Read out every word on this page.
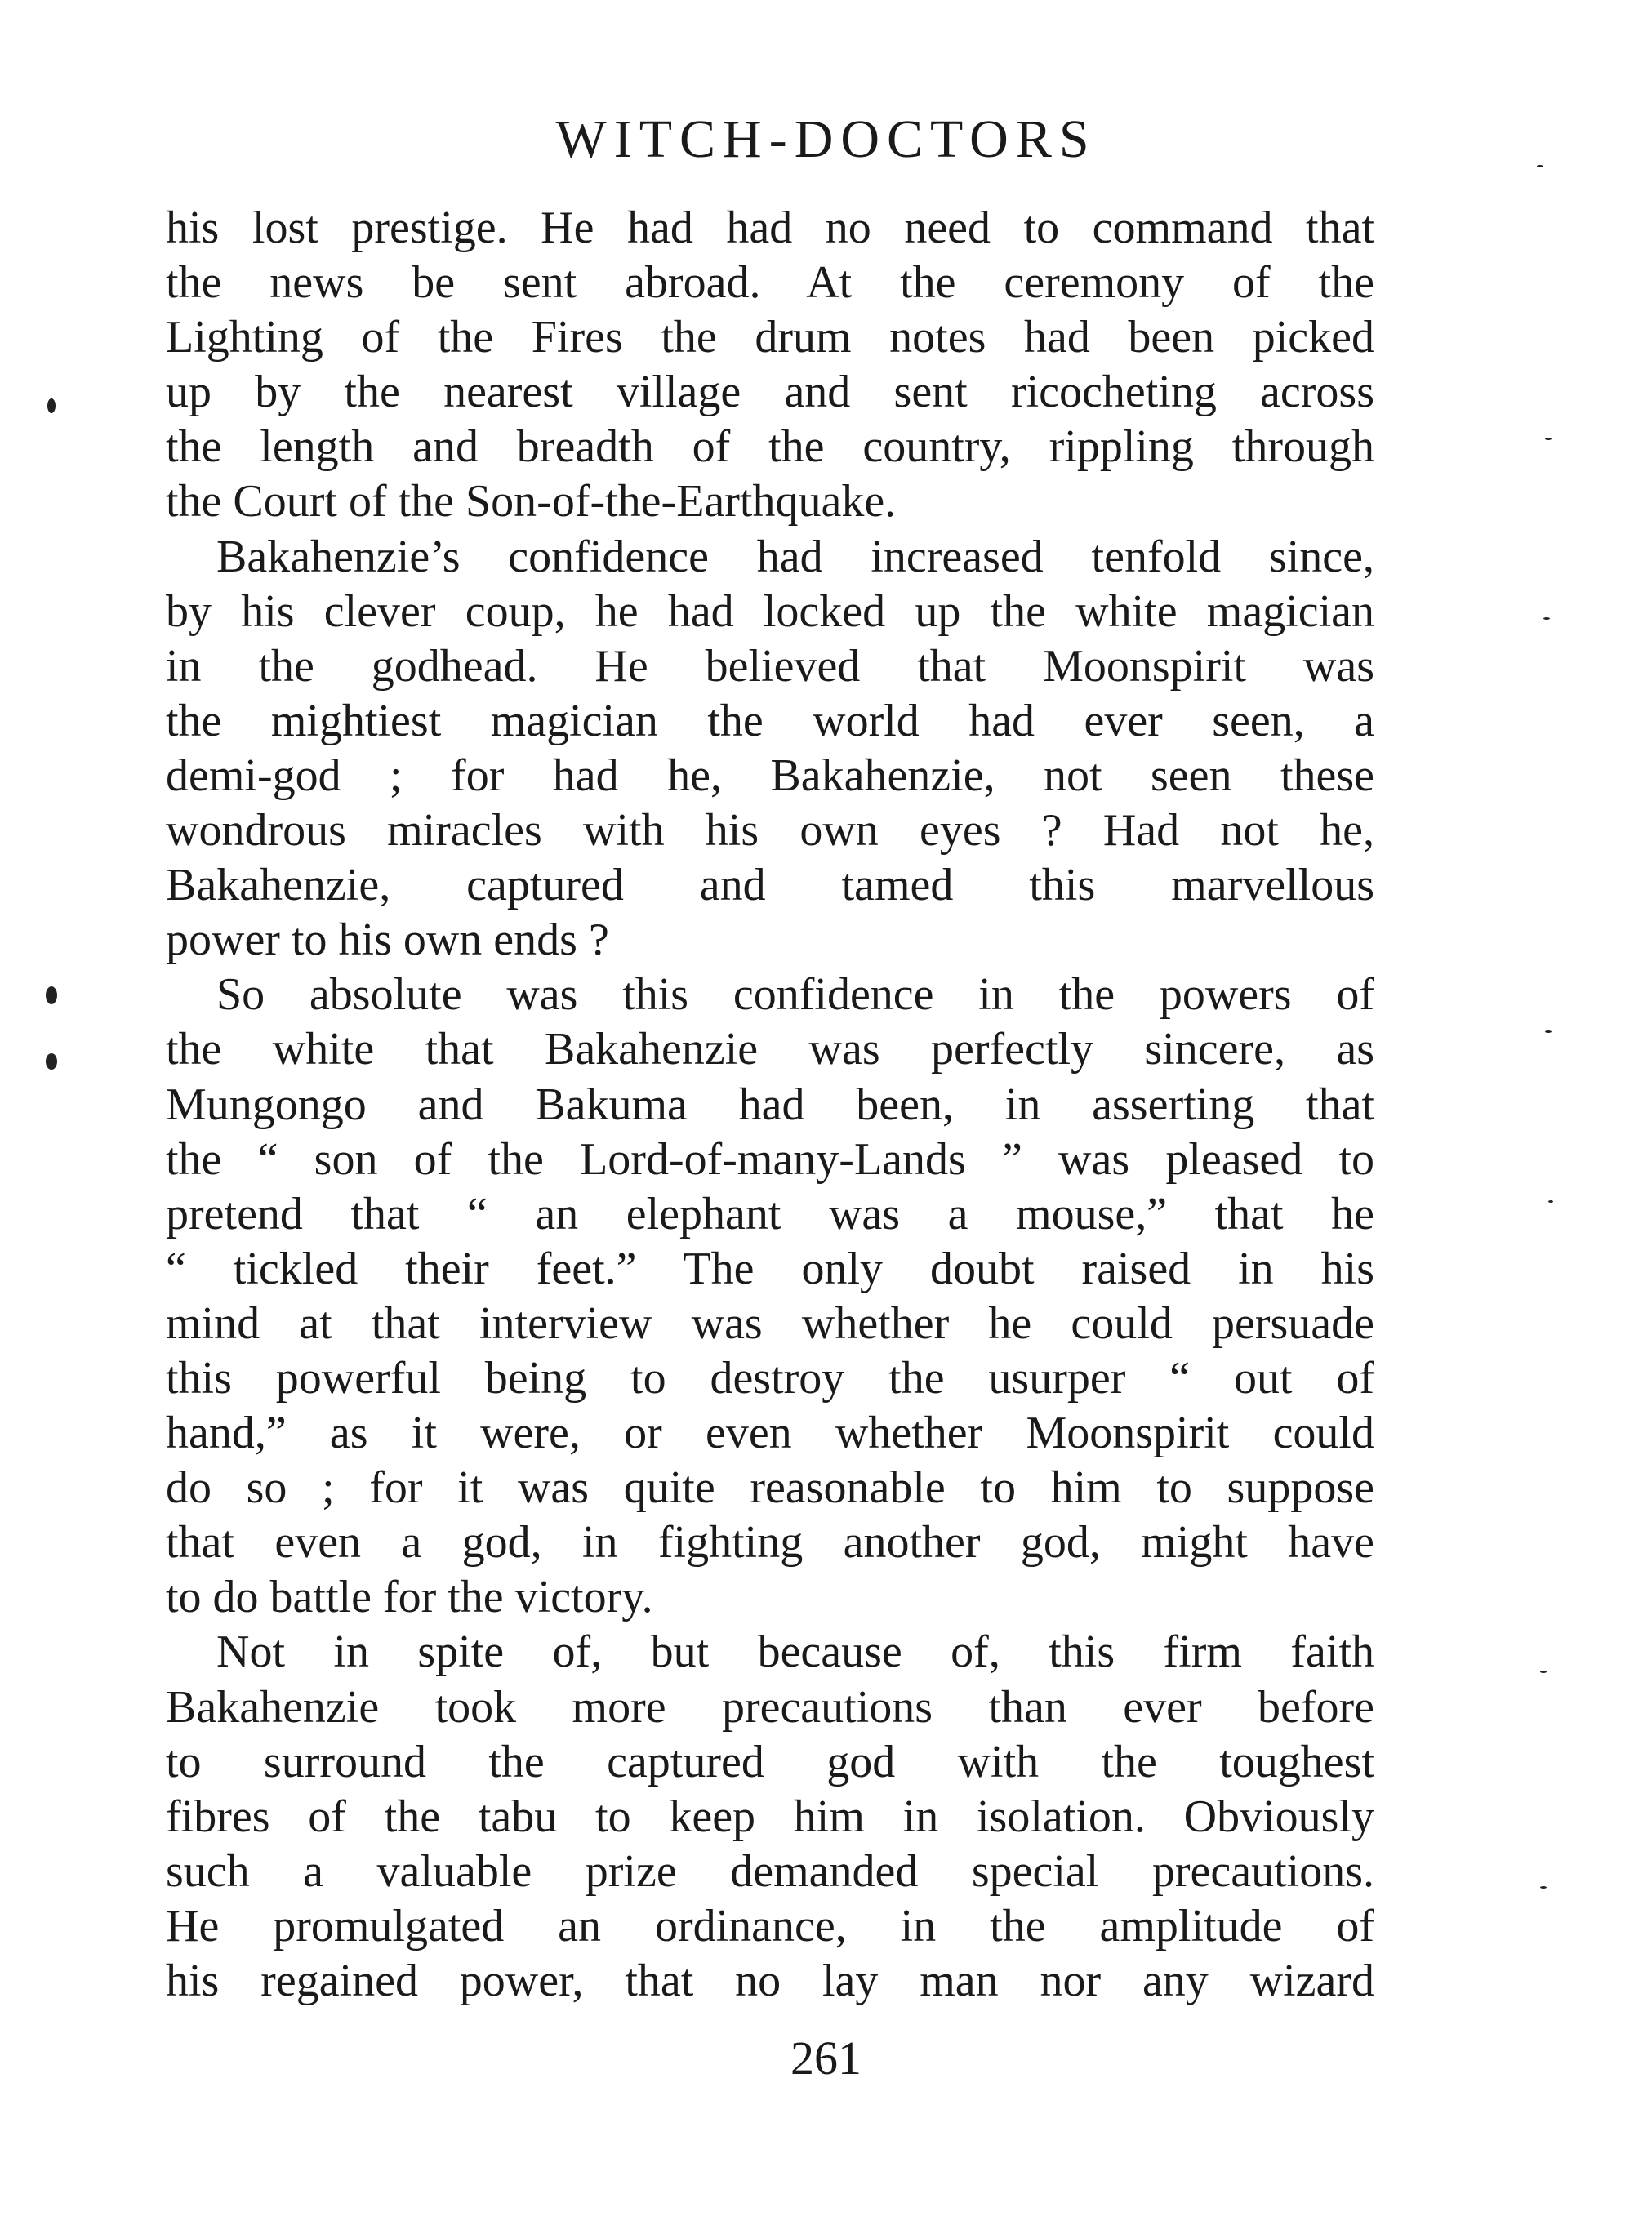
WITCH-DOCTORS
his lost prestige. He had had no need to command that
the news be sent abroad. At the ceremony of the
Lighting of the Fires the drum notes had been picked
up by the nearest village and sent ricocheting across
the length and breadth of the country, rippling through
the Court of the Son-of-the-Earthquake.
Bakahenzie’s confidence had increased tenfold since,
by his clever coup, he had locked up the white magician
in the godhead. He believed that Moonspirit was
the mightiest magician the world had ever seen, a
demi-god ; for had he, Bakahenzie, not seen these
wondrous miracles with his own eyes ? Had not he,
Bakahenzie, captured and tamed this marvellous
power to his own ends ?
So absolute was this confidence in the powers of
the white that Bakahenzie was perfectly sincere, as
Mungongo and Bakuma had been, in asserting that
the “ son of the Lord-of-many-Lands ” was pleased to
pretend that “ an elephant was a mouse,” that he
“ tickled their feet.” The only doubt raised in his
mind at that interview was whether he could persuade
this powerful being to destroy the usurper “ out of
hand,” as it were, or even whether Moonspirit could
do so ; for it was quite reasonable to him to suppose
that even a god, in fighting another god, might have
to do battle for the victory.
Not in spite of, but because of, this firm faith
Bakahenzie took more precautions than ever before
to surround the captured god with the toughest
fibres of the tabu to keep him in isolation. Obviously
such a valuable prize demanded special precautions.
He promulgated an ordinance, in the amplitude of
his regained power, that no lay man nor any wizard
261
